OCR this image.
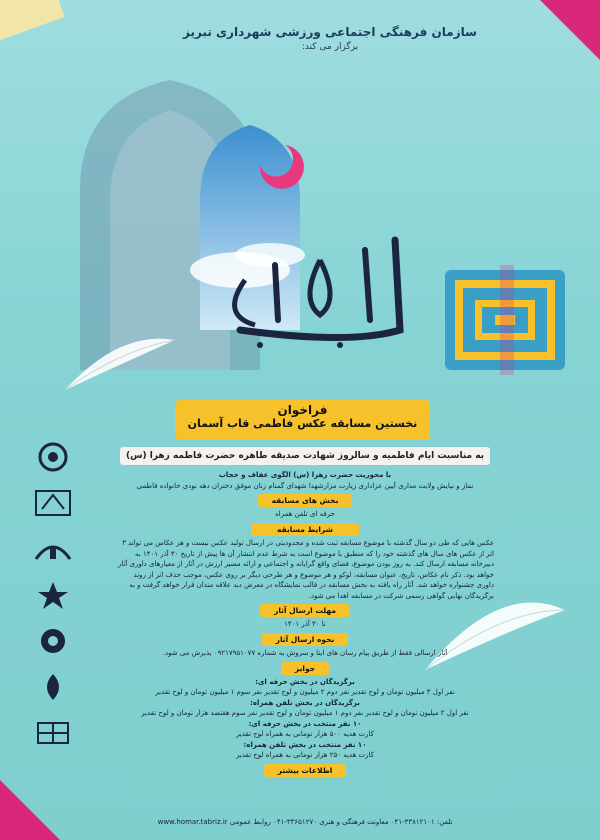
سازمان فرهنگی اجتماعی ورزشی شهرداری تبریز
برگزار می کند:
فراخوان
نخستین مسابقه عکس فاطمی قاب آسمان
به مناسبت ایام فاطمیه و سالروز شهادت صدیقه طاهره حضرت فاطمه زهرا (س)
با محوریت حضرت زهرا (س) الگوی عفاف و حجاب
نماز و نیایش ولایت مداری آیین عزاداری زیارت مزارشهدا شهدای گمنام زنان موفق دختران دهه نودی خانواده فاطمی
بخش های مسابقه
حرفه ای تلفن همراه
شرایط مسابقه
عکس هایی که طی دو سال گذشته با موضوع مسابقه ثبت شده و محدودیتی در ارسال تولید عکس نیست و هر عکاس می تواند ۳ اثر از عکس های سال های گذشته خود را که منطبق با موضوع است به شرط عدم انتشار آن ها پیش از تاریخ ۳۰ آذر ۱۴۰۱ به دبیرخانه مسابقه ارسال کند. به روز بودن موضوع، فضای واقع گرایانه و اجتماعی و ارائه مسیر ارزش در آثار از معیارهای داوری آثار خواهد بود. ذکر نام عکاس، تاریخ، عنوان مسابقه، لوکو و هر موضوع و هر طرحی دیگر بر روی عکس، موجب حذف اثر از روند داوری جشنواره خواهد شد. آثار راه یافته به بخش مسابقه در قالب نمایشگاه در معرض دید علاقه مندان قرار خواهد گرفت و به برگزیدگان نهایی گواهی رسمی شرکت در مسابقه اهدا می شود.
مهلت ارسال آثار
تا ۳۰ آذر ۱۴۰۱
نحوه ارسال آثار
آثار ارسالی فقط از طریق پیام رسان های ایتا و سروش به شماره ۰۹۲۱۷۹۵۱۰۷۷ پذیرش می شود.
جوایز
برگزیدگان در بخش حرفه ای:
نفر اول ۳ میلیون تومان و لوح تقدیر نفر دوم ۲ میلیون و لوح تقدیر نفر سوم ۱ میلیون تومان و لوح تقدیر
برگزیدگان در بخش تلفن همراه:
نفر اول ۲ میلیون تومان و لوح تقدیر نفر دوم ۱ میلیون تومان و لوح تقدیر نفر سوم هفتصد هزار تومان و لوح تقدیر
۱۰ نفر منتخب در بخش حرفه ای:
کارت هدیه ۵۰۰ هزار تومانی به همراه لوح تقدیر
۱۰ نفر منتخب در بخش تلفن همراه:
کارت هدیه ۲۵۰ هزار تومانی به همراه لوح تقدیر
اطلاعات بیشتر
تلفن: ۳۳۸۱۲۱۰۱-۰۴۱ معاونت فرهنگی و هنری ۳۳۶۵۱۲۷۰-۰۴۱ روابط عمومی www.homar.tabriz.ir
